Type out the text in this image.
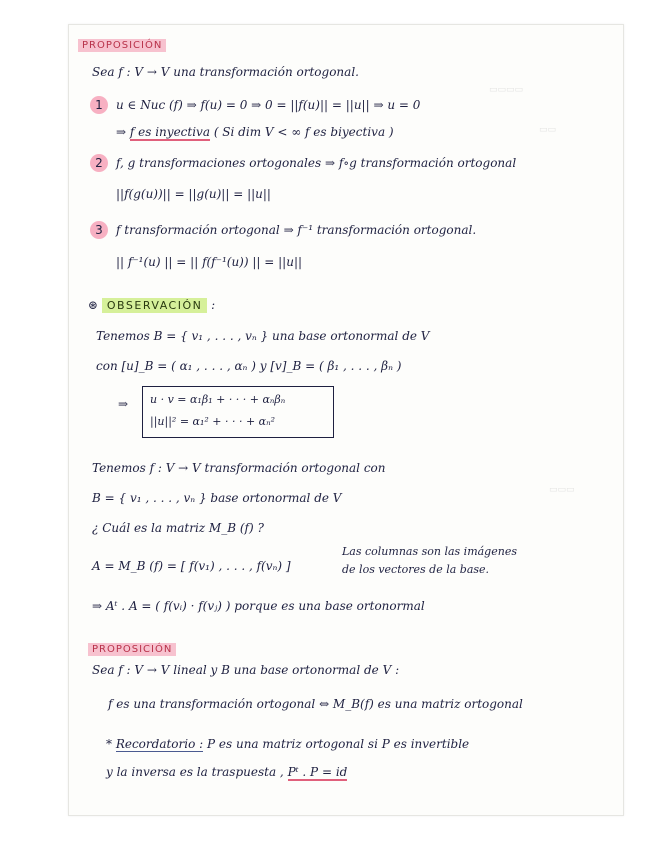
▭▭▭▭
▭▭
▭▭▭
PROPOSICIÓN
Sea f : V → V una transformación ortogonal.
1	u ∈ Nuc (f) ⇒ f(u) = 0 ⇒ 0 = ||f(u)|| = ||u|| ⇒ u = 0
⇒ f es inyectiva ( Si dim V < ∞ f es biyectiva )
2	f, g transformaciones ortogonales ⇒ f∘g transformación ortogonal
||f(g(u))|| = ||g(u)|| = ||u||
3	f transformación ortogonal ⇒ f⁻¹ transformación ortogonal.
|| f⁻¹(u) || = || f(f⁻¹(u)) || = ||u||
⊛ OBSERVACIÓN :
Tenemos B = { v₁ , . . . , vₙ } una base ortonormal de V
con [u]_B = ( α₁ , . . . , αₙ ) y [v]_B = ( β₁ , . . . , βₙ )
⇒ u · v = α₁β₁ + · · · + αₙβₙ
||u||² = α₁² + · · · + αₙ²
Tenemos f : V → V transformación ortogonal con
B = { v₁ , . . . , vₙ } base ortonormal de V
¿ Cuál es la matriz M_B (f) ?
A = M_B (f) = [ f(v₁) , . . . , f(vₙ) ]
Las columnas son las imágenes
de los vectores de la base.
⇒ Aᵗ . A = ( f(vᵢ) · f(vⱼ) ) porque es una base ortonormal
PROPOSICIÓN
Sea f : V → V lineal y B una base ortonormal de V :
f es una transformación ortogonal ⇔ M_B(f) es una matriz ortogonal
* Recordatorio : P es una matriz ortogonal si P es invertible
y la inversa es la traspuesta , Pᵗ . P = id
